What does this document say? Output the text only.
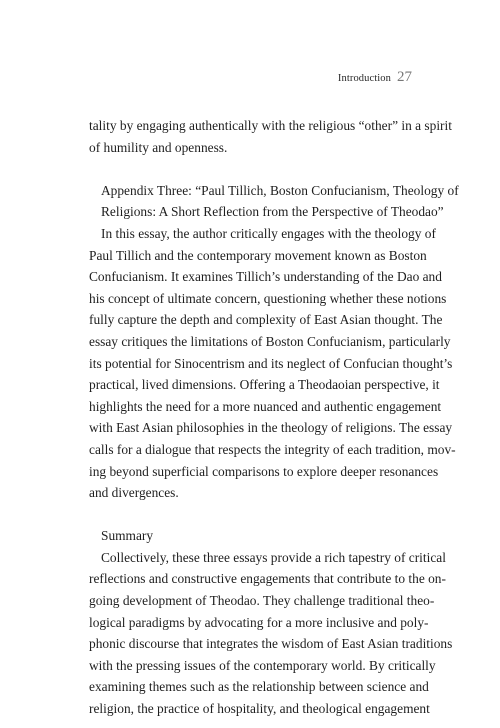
Introduction 27
tality by engaging authentically with the religious “other” in a spirit
of humility and openness.
Appendix Three: “Paul Tillich, Boston Confucianism, Theology of
Religions: A Short Reflection from the Perspective of Theodao”
In this essay, the author critically engages with the theology of
Paul Tillich and the contemporary movement known as Boston
Confucianism. It examines Tillich’s understanding of the Dao and
his concept of ultimate concern, questioning whether these notions
fully capture the depth and complexity of East Asian thought. The
essay critiques the limitations of Boston Confucianism, particularly
its potential for Sinocentrism and its neglect of Confucian thought’s
practical, lived dimensions. Offering a Theodaoian perspective, it
highlights the need for a more nuanced and authentic engagement
with East Asian philosophies in the theology of religions. The essay
calls for a dialogue that respects the integrity of each tradition, mov-
ing beyond superficial comparisons to explore deeper resonances
and divergences.
Summary
Collectively, these three essays provide a rich tapestry of critical
reflections and constructive engagements that contribute to the on-
going development of Theodao. They challenge traditional theo-
logical paradigms by advocating for a more inclusive and poly-
phonic discourse that integrates the wisdom of East Asian traditions
with the pressing issues of the contemporary world. By critically
examining themes such as the relationship between science and
religion, the practice of hospitality, and theological engagement
